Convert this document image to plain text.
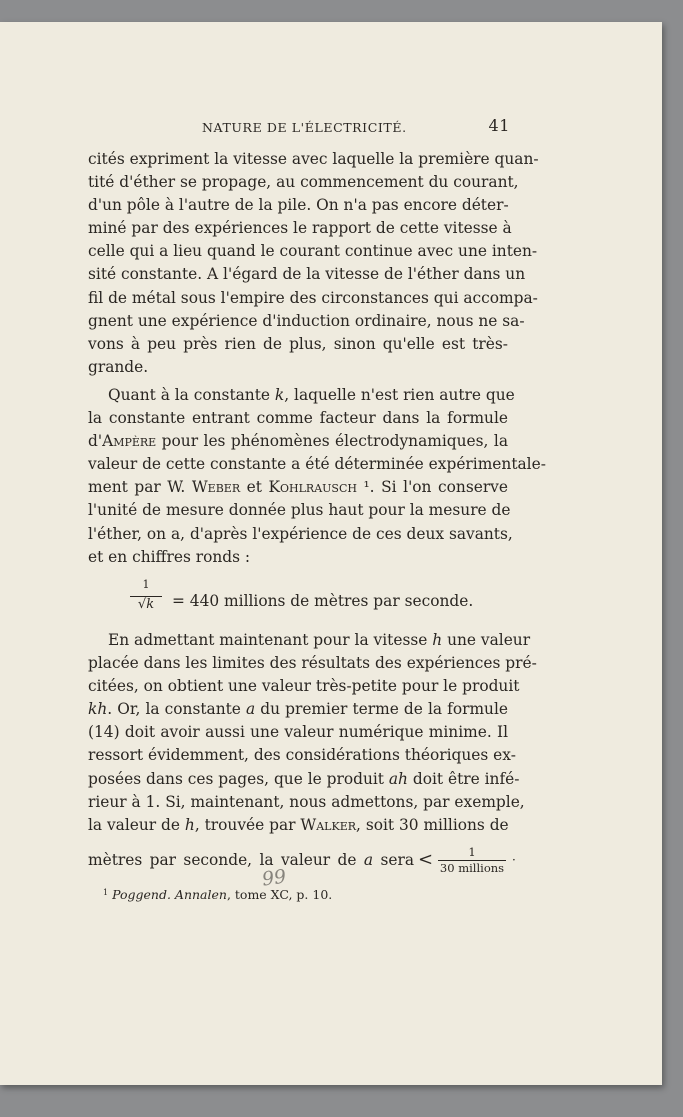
NATURE DE L'ÉLECTRICITÉ.	41
cités expriment la vitesse avec laquelle la première quan-
tité d'éther se propage, au commencement du courant,
d'un pôle à l'autre de la pile. On n'a pas encore déter-
miné par des expériences le rapport de cette vitesse à
celle qui a lieu quand le courant continue avec une inten-
sité constante. A l'égard de la vitesse de l'éther dans un
fil de métal sous l'empire des circonstances qui accompa-
gnent une expérience d'induction ordinaire, nous ne sa-
vons à peu près rien de plus, sinon qu'elle est très-
grande.
Quant à la constante k, laquelle n'est rien autre que
la constante entrant comme facteur dans la formule
d'Ampère pour les phénomènes électrodynamiques, la
valeur de cette constante a été déterminée expérimentale-
ment par W. Weber et Kohlrausch ¹. Si l'on conserve
l'unité de mesure donnée plus haut pour la mesure de
l'éther, on a, d'après l'expérience de ces deux savants,
et en chiffres ronds :
1
√k	= 440 millions de mètres par seconde.
En admettant maintenant pour la vitesse h une valeur
placée dans les limites des résultats des expériences pré-
citées, on obtient une valeur très-petite pour le produit
kh. Or, la constante a du premier terme de la formule
(14) doit avoir aussi une valeur numérique minime. Il
ressort évidemment, des considérations théoriques ex-
posées dans ces pages, que le produit ah doit être infé-
rieur à 1. Si, maintenant, nous admettons, par exemple,
la valeur de h, trouvée par Walker, soit 30 millions de
mètres par seconde, la valeur de a sera <	1
30 millions
·
99
$^1$ Poggend. Annalen, tome XC, p. 10.
